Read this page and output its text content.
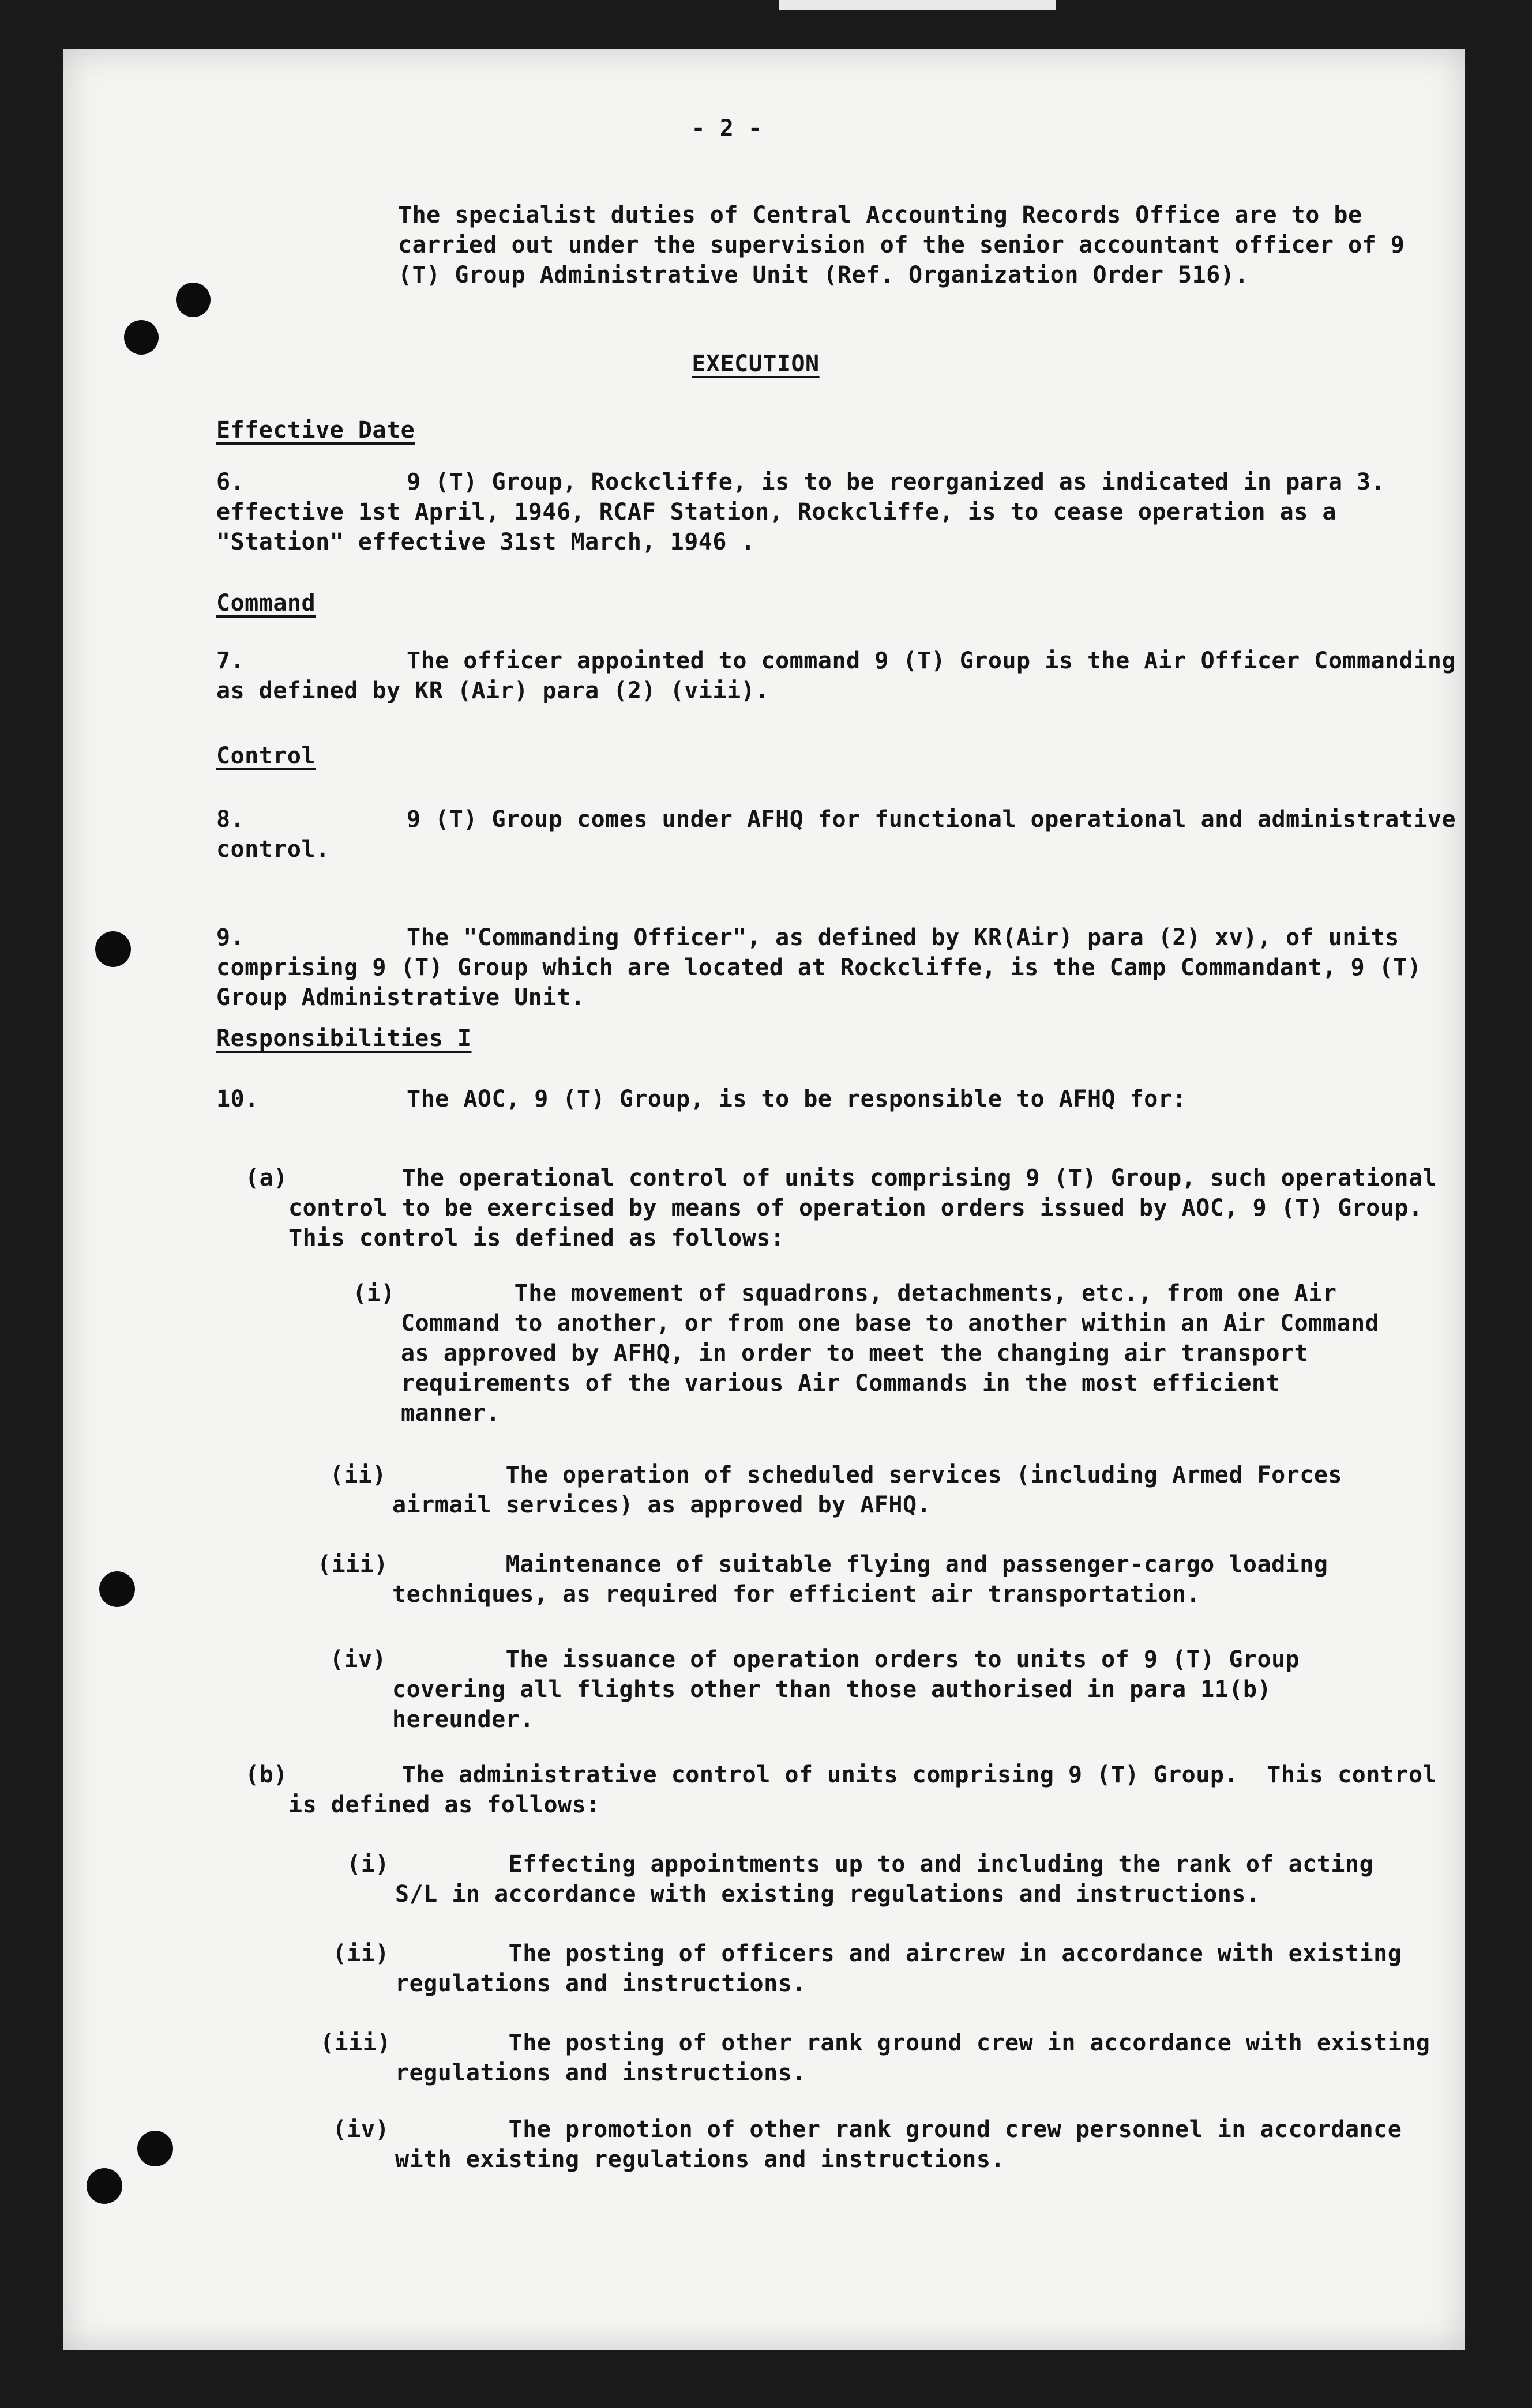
- 2 -
The specialist duties of Central Accounting Records Office are to be carried out under the supervision of the senior accountant officer of 9 (T) Group Administrative Unit (Ref. Organization Order 516).
EXECUTION
Effective Date
6.	9 (T) Group, Rockcliffe, is to be reorganized as indicated in para 3. effective 1st April, 1946, RCAF Station, Rockcliffe, is to cease operation as a "Station" effective 31st March, 1946 .
Command
7.	The officer appointed to command 9 (T) Group is the Air Officer Commanding as defined by KR (Air) para (2) (viii).
Control
8.	9 (T) Group comes under AFHQ for functional operational and administrative control.
9.	The "Commanding Officer", as defined by KR(Air) para (2) xv), of units comprising 9 (T) Group which are located at Rockcliffe, is the Camp Commandant, 9 (T) Group Administrative Unit.
Responsibilities I
10.	The AOC, 9 (T) Group, is to be responsible to AFHQ for:

(a)	The operational control of units comprising 9 (T) Group, such operational control to be exercised by means of operation orders issued by AOC, 9 (T) Group.  This control is defined as follows:

(i)	The movement of squadrons, detachments, etc., from one Air Command to another, or from one base to another within an Air Command as approved by AFHQ, in order to meet the changing air transport requirements of the various Air Commands in the most efficient manner.

(ii)	The operation of scheduled services (including Armed Forces airmail services) as approved by AFHQ.

(iii)	Maintenance of suitable flying and passenger-cargo loading techniques, as required for efficient air transportation.

(iv)	The issuance of operation orders to units of 9 (T) Group covering all flights other than those authorised in para 11(b) hereunder.

(b)	The administrative control of units comprising 9 (T) Group.  This control is defined as follows:

(i)	Effecting appointments up to and including the rank of acting S/L in accordance with existing regulations and instructions.

(ii)	The posting of officers and aircrew in accordance with existing regulations and instructions.

(iii)	The posting of other rank ground crew in accordance with existing regulations and instructions.

(iv)	The promotion of other rank ground crew personnel in accordance with existing regulations and instructions.
